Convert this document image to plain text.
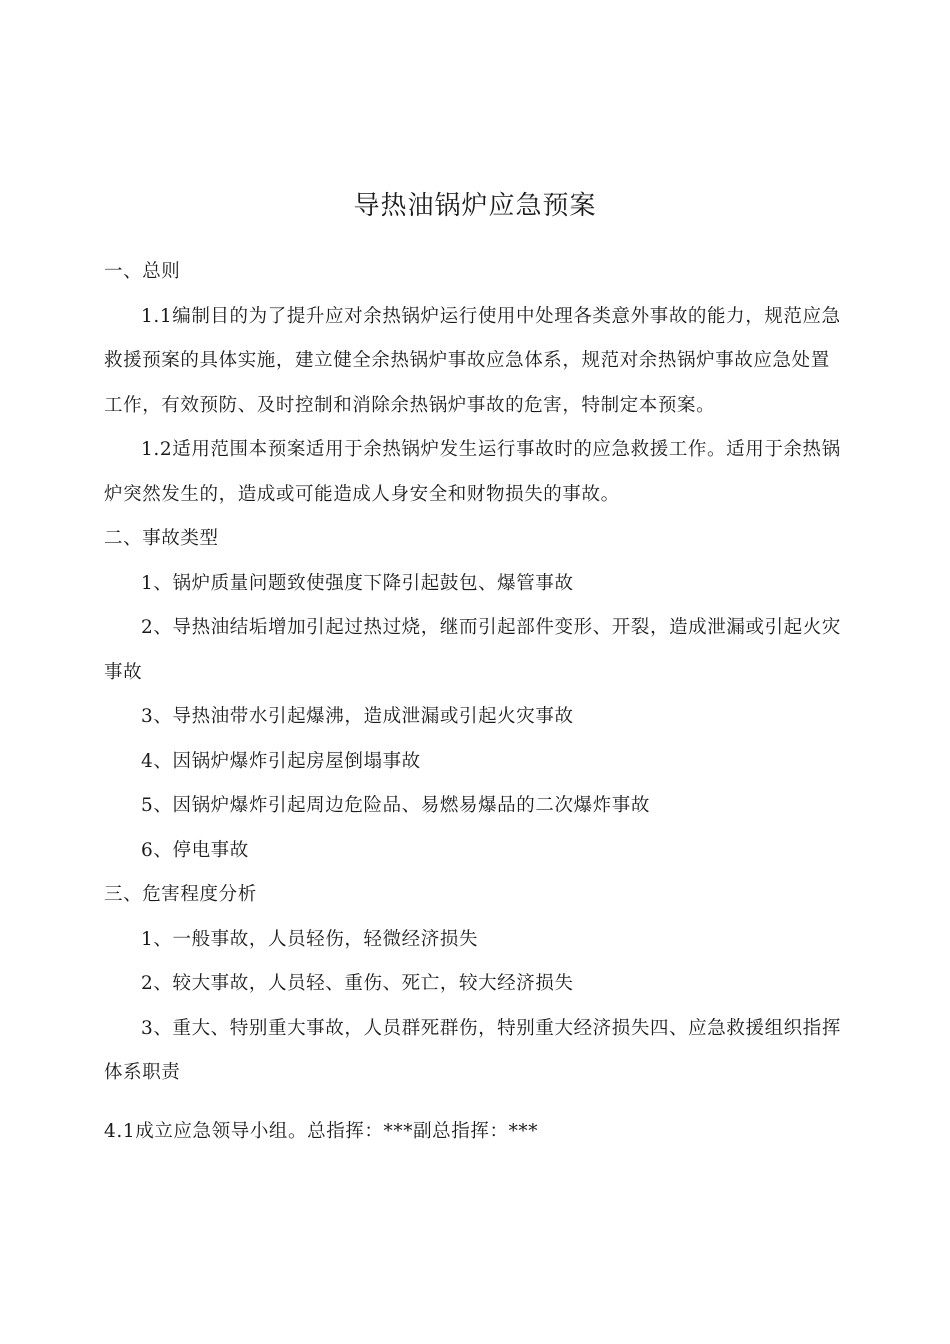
导热油锅炉应急预案

一、总则

1.1编制目的为了提升应对余热锅炉运行使用中处理各类意外事故的能力，规范应急救援预案的具体实施，建立健全余热锅炉事故应急体系，规范对余热锅炉事故应急处置工作，有效预防、及时控制和消除余热锅炉事故的危害，特制定本预案。

1.2适用范围本预案适用于余热锅炉发生运行事故时的应急救援工作。适用于余热锅炉突然发生的，造成或可能造成人身安全和财物损失的事故。

二、事故类型

1、锅炉质量问题致使强度下降引起鼓包、爆管事故

2、导热油结垢增加引起过热过烧，继而引起部件变形、开裂，造成泄漏或引起火灾事故

3、导热油带水引起爆沸，造成泄漏或引起火灾事故

4、因锅炉爆炸引起房屋倒塌事故

5、因锅炉爆炸引起周边危险品、易燃易爆品的二次爆炸事故

6、停电事故

三、危害程度分析

1、一般事故，人员轻伤，轻微经济损失

2、较大事故，人员轻、重伤、死亡，较大经济损失

3、重大、特别重大事故，人员群死群伤，特别重大经济损失四、应急救援组织指挥体系职责

4.1成立应急领导小组。总指挥：***副总指挥：***
